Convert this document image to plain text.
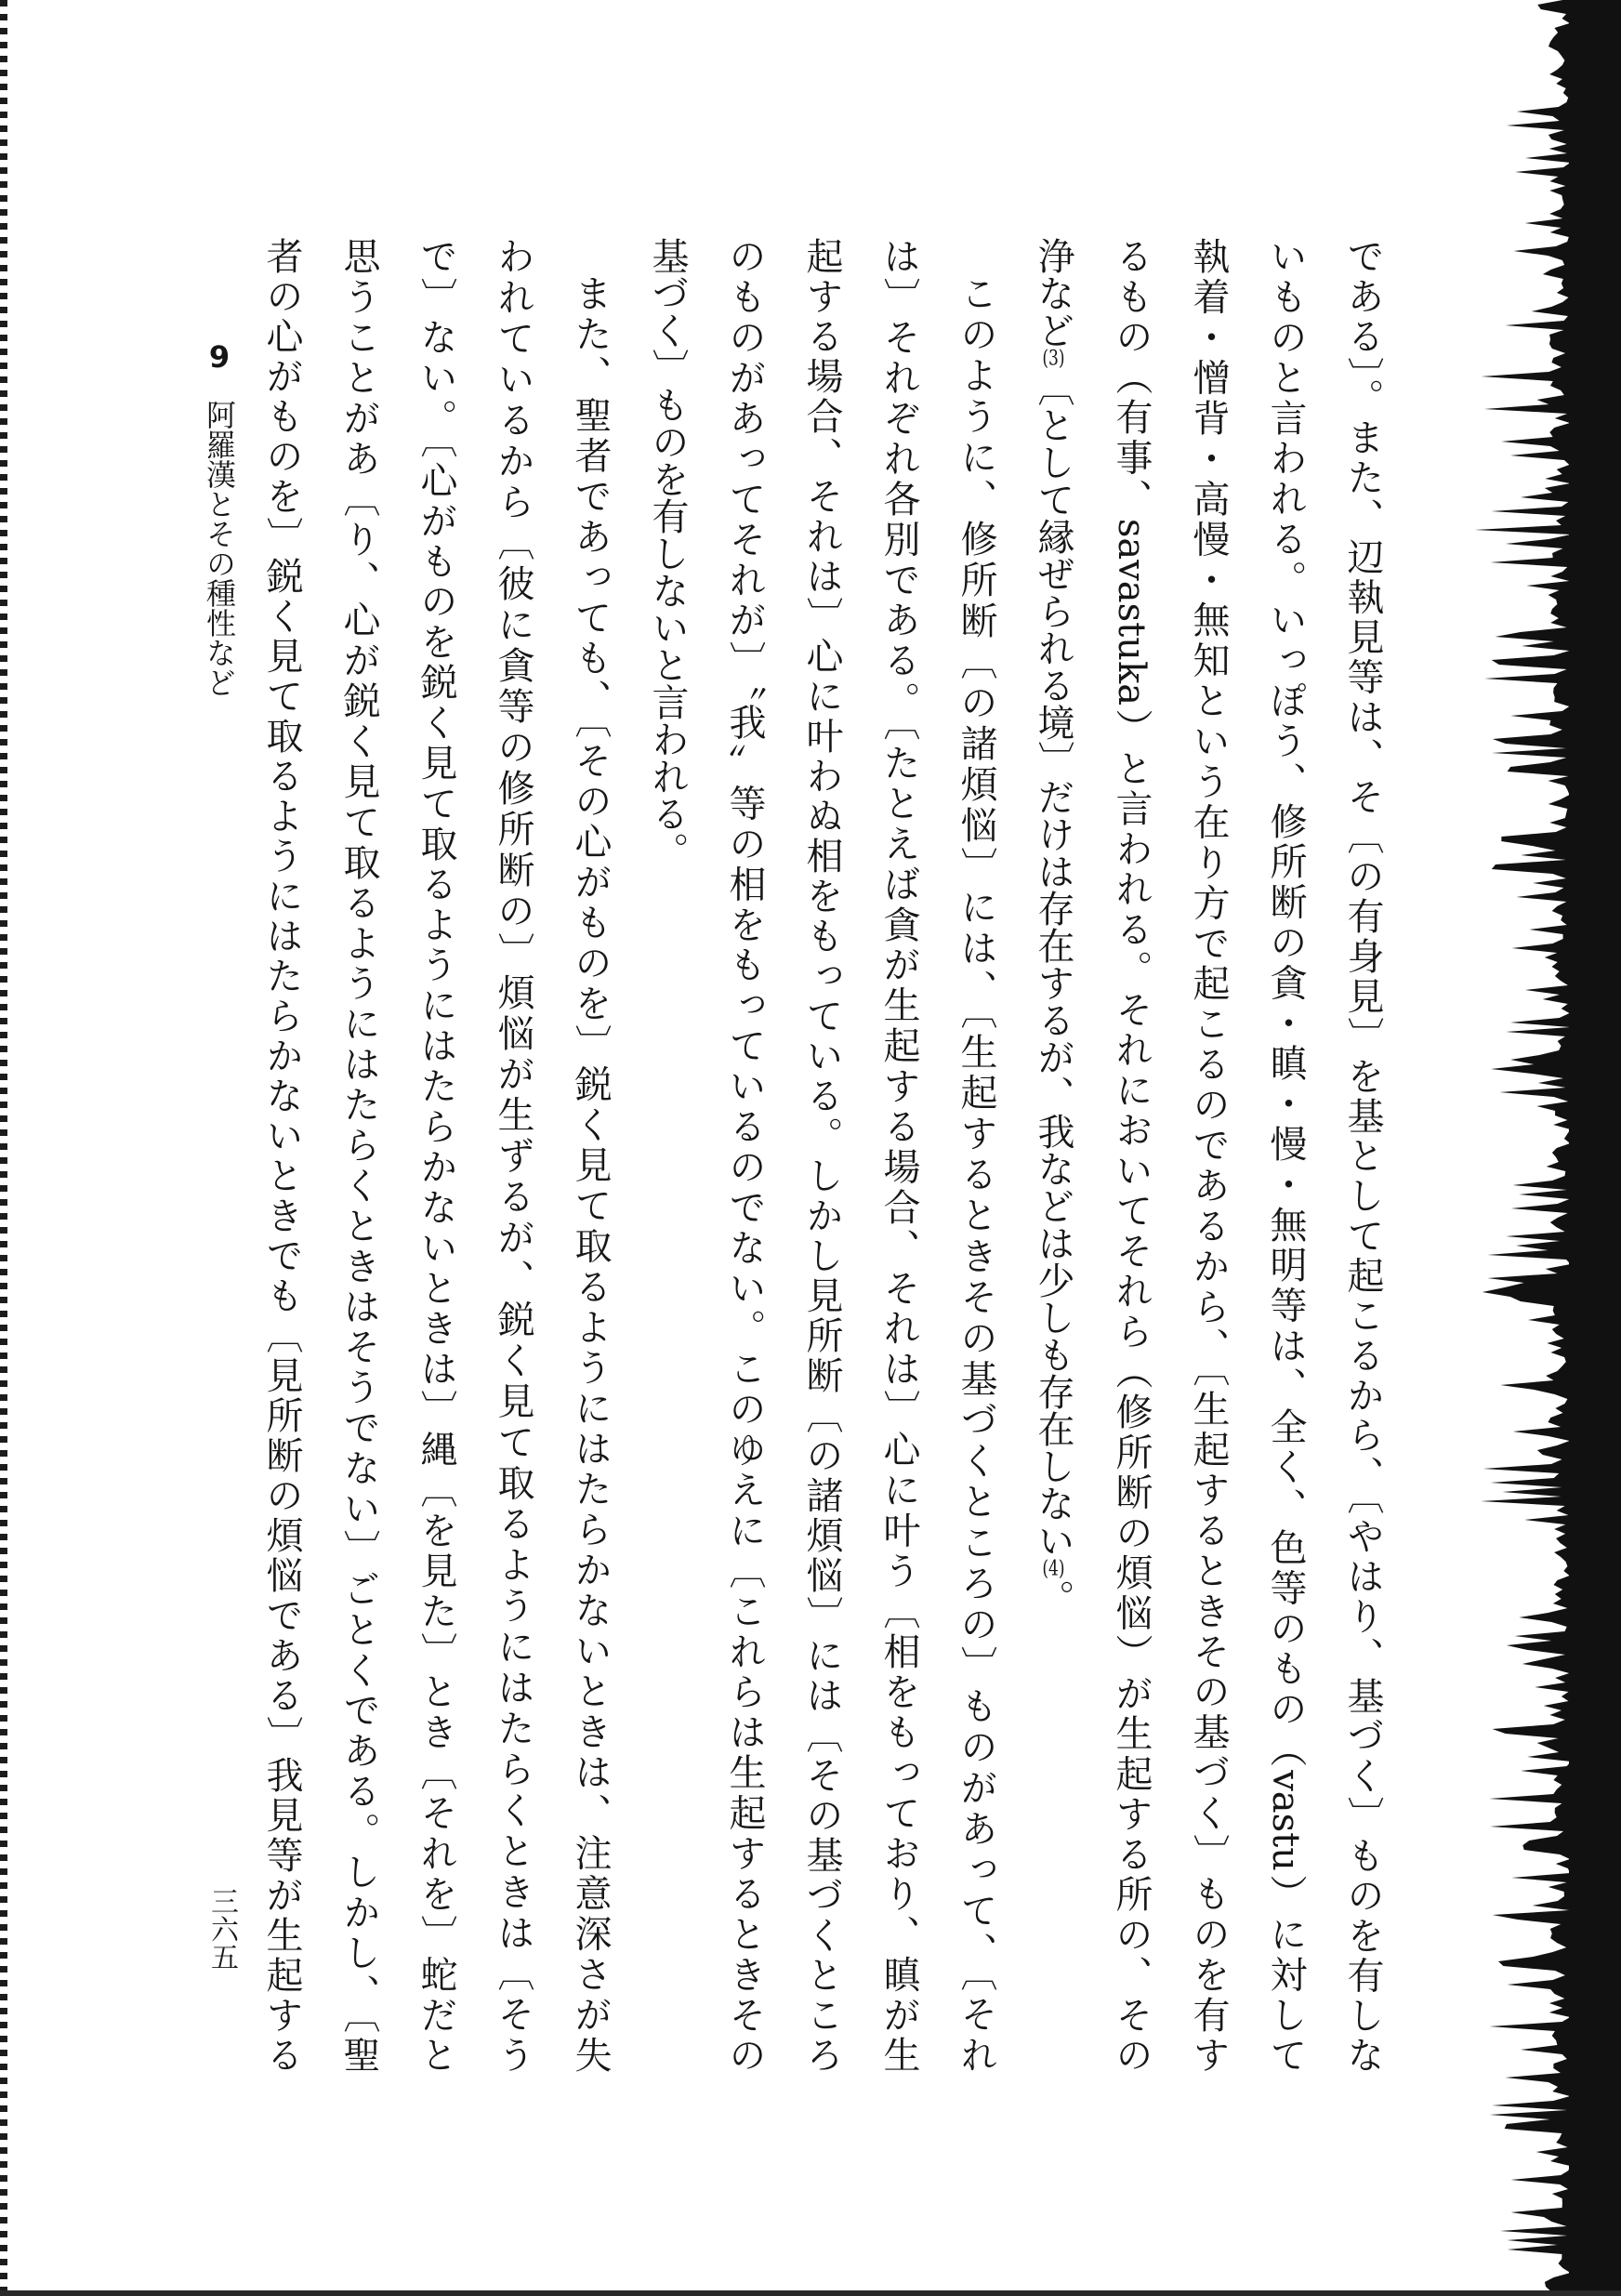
である〕。また、辺執見等は、そ〔の有身見〕を基として起こるから、〔やはり、基づく〕ものを有しな

いものと言われる。いっぽう、修所断の貪・瞋・慢・無明等は、全く、色等のもの（vastu）に対して

執着・憎背・高慢・無知という在り方で起こるのであるから、〔生起するときその基づく〕ものを有す

るもの（有事、savastuka）と言われる。それにおいてそれら（修所断の煩悩）が生起する所の、その

浄など(3)〔として縁ぜられる境〕だけは存在するが、我などは少しも存在しない(4)。

このように、修所断〔の諸煩悩〕には、〔生起するときその基づくところの〕ものがあって、〔それ

は〕それぞれ各別である。〔たとえば貪が生起する場合、それは〕心に叶う〔相をもっており、瞋が生

起する場合、それは〕心に叶わぬ相をもっている。しかし見所断〔の諸煩悩〕には〔その基づくところ

のものがあってそれが〕〝我〟等の相をもっているのでない。このゆえに〔これらは生起するときその

基づく〕ものを有しないと言われる。

また、聖者であっても、〔その心がものを〕鋭く見て取るようにはたらかないときは、注意深さが失

われているから〔彼に貪等の修所断の〕煩悩が生ずるが、鋭く見て取るようにはたらくときは〔そう

で〕ない。〔心がものを鋭く見て取るようにはたらかないときは〕縄〔を見た〕とき〔それを〕蛇だと

思うことがあ〔り、心が鋭く見て取るようにはたらくときはそうでない〕ごとくである。しかし、〔聖

者の心がものを〕鋭く見て取るようにはたらかないときでも〔見所断の煩悩である〕我見等が生起する

9阿羅漢とその種性など
三六五
